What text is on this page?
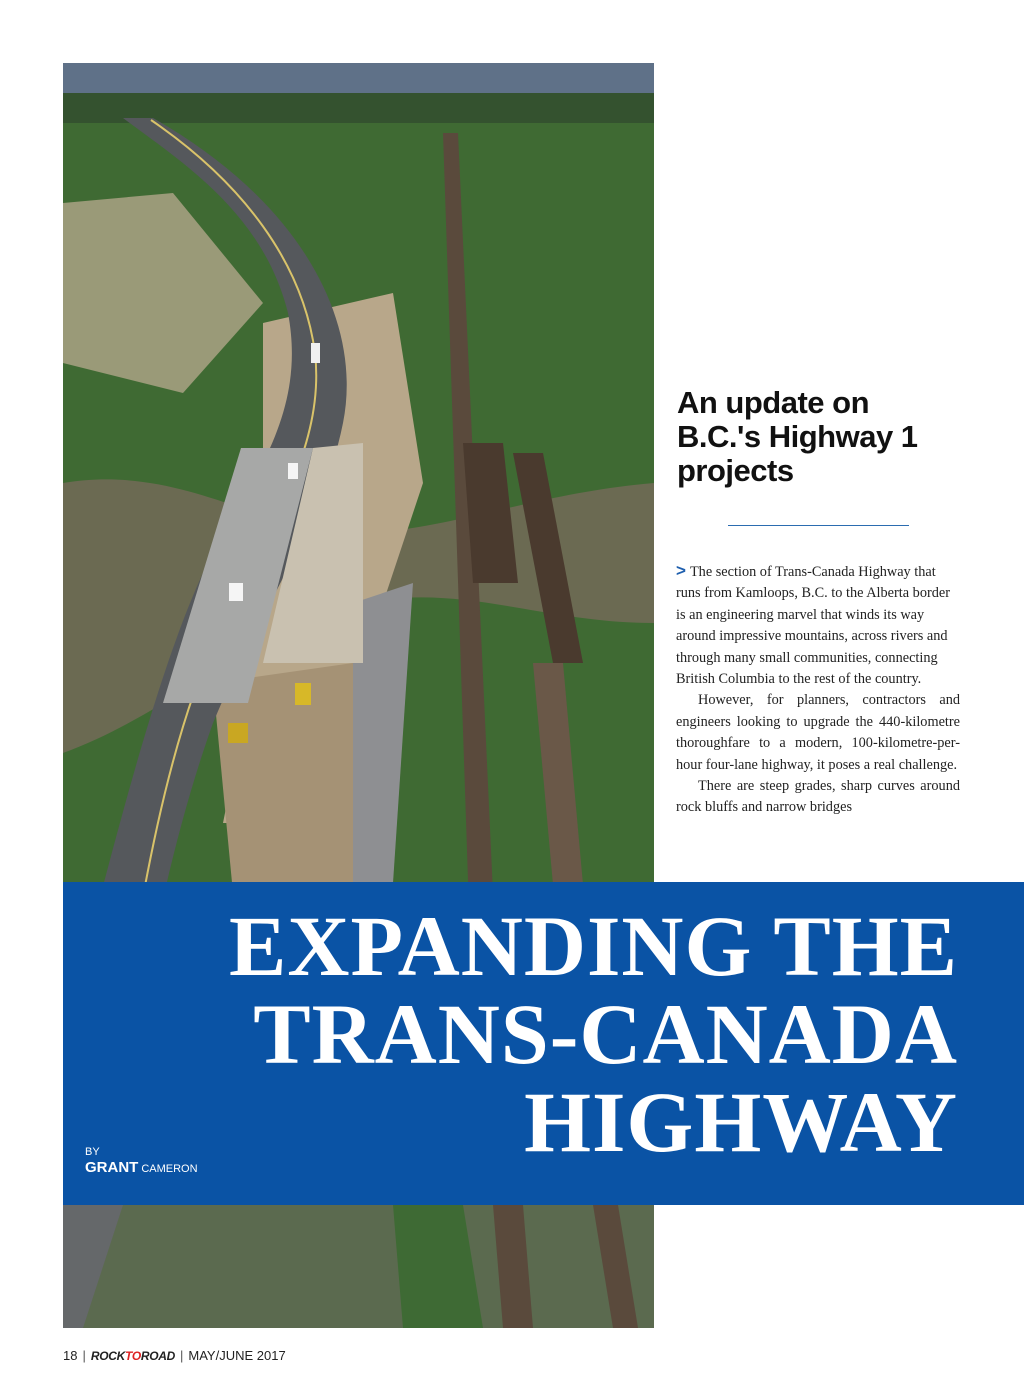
An update on
B.C.'s Highway 1
projects

> The section of Trans-Canada Highway that runs from Kamloops, B.C. to the Alberta border is an engineering marvel that winds its way around impressive mountains, across rivers and through many small communities, connecting British Columbia to the rest of the country.

However, for planners, contractors and engineers looking to upgrade the 440-kilometre thoroughfare to a modern, 100-kilometre-per-hour four-lane highway, it poses a real challenge.

There are steep grades, sharp curves around rock bluffs and narrow bridges

EXPANDING THE
TRANS-CANADA
HIGHWAY
BY
GRANT CAMERON
18 | ROCKTOROAD | MAY/JUNE 2017
